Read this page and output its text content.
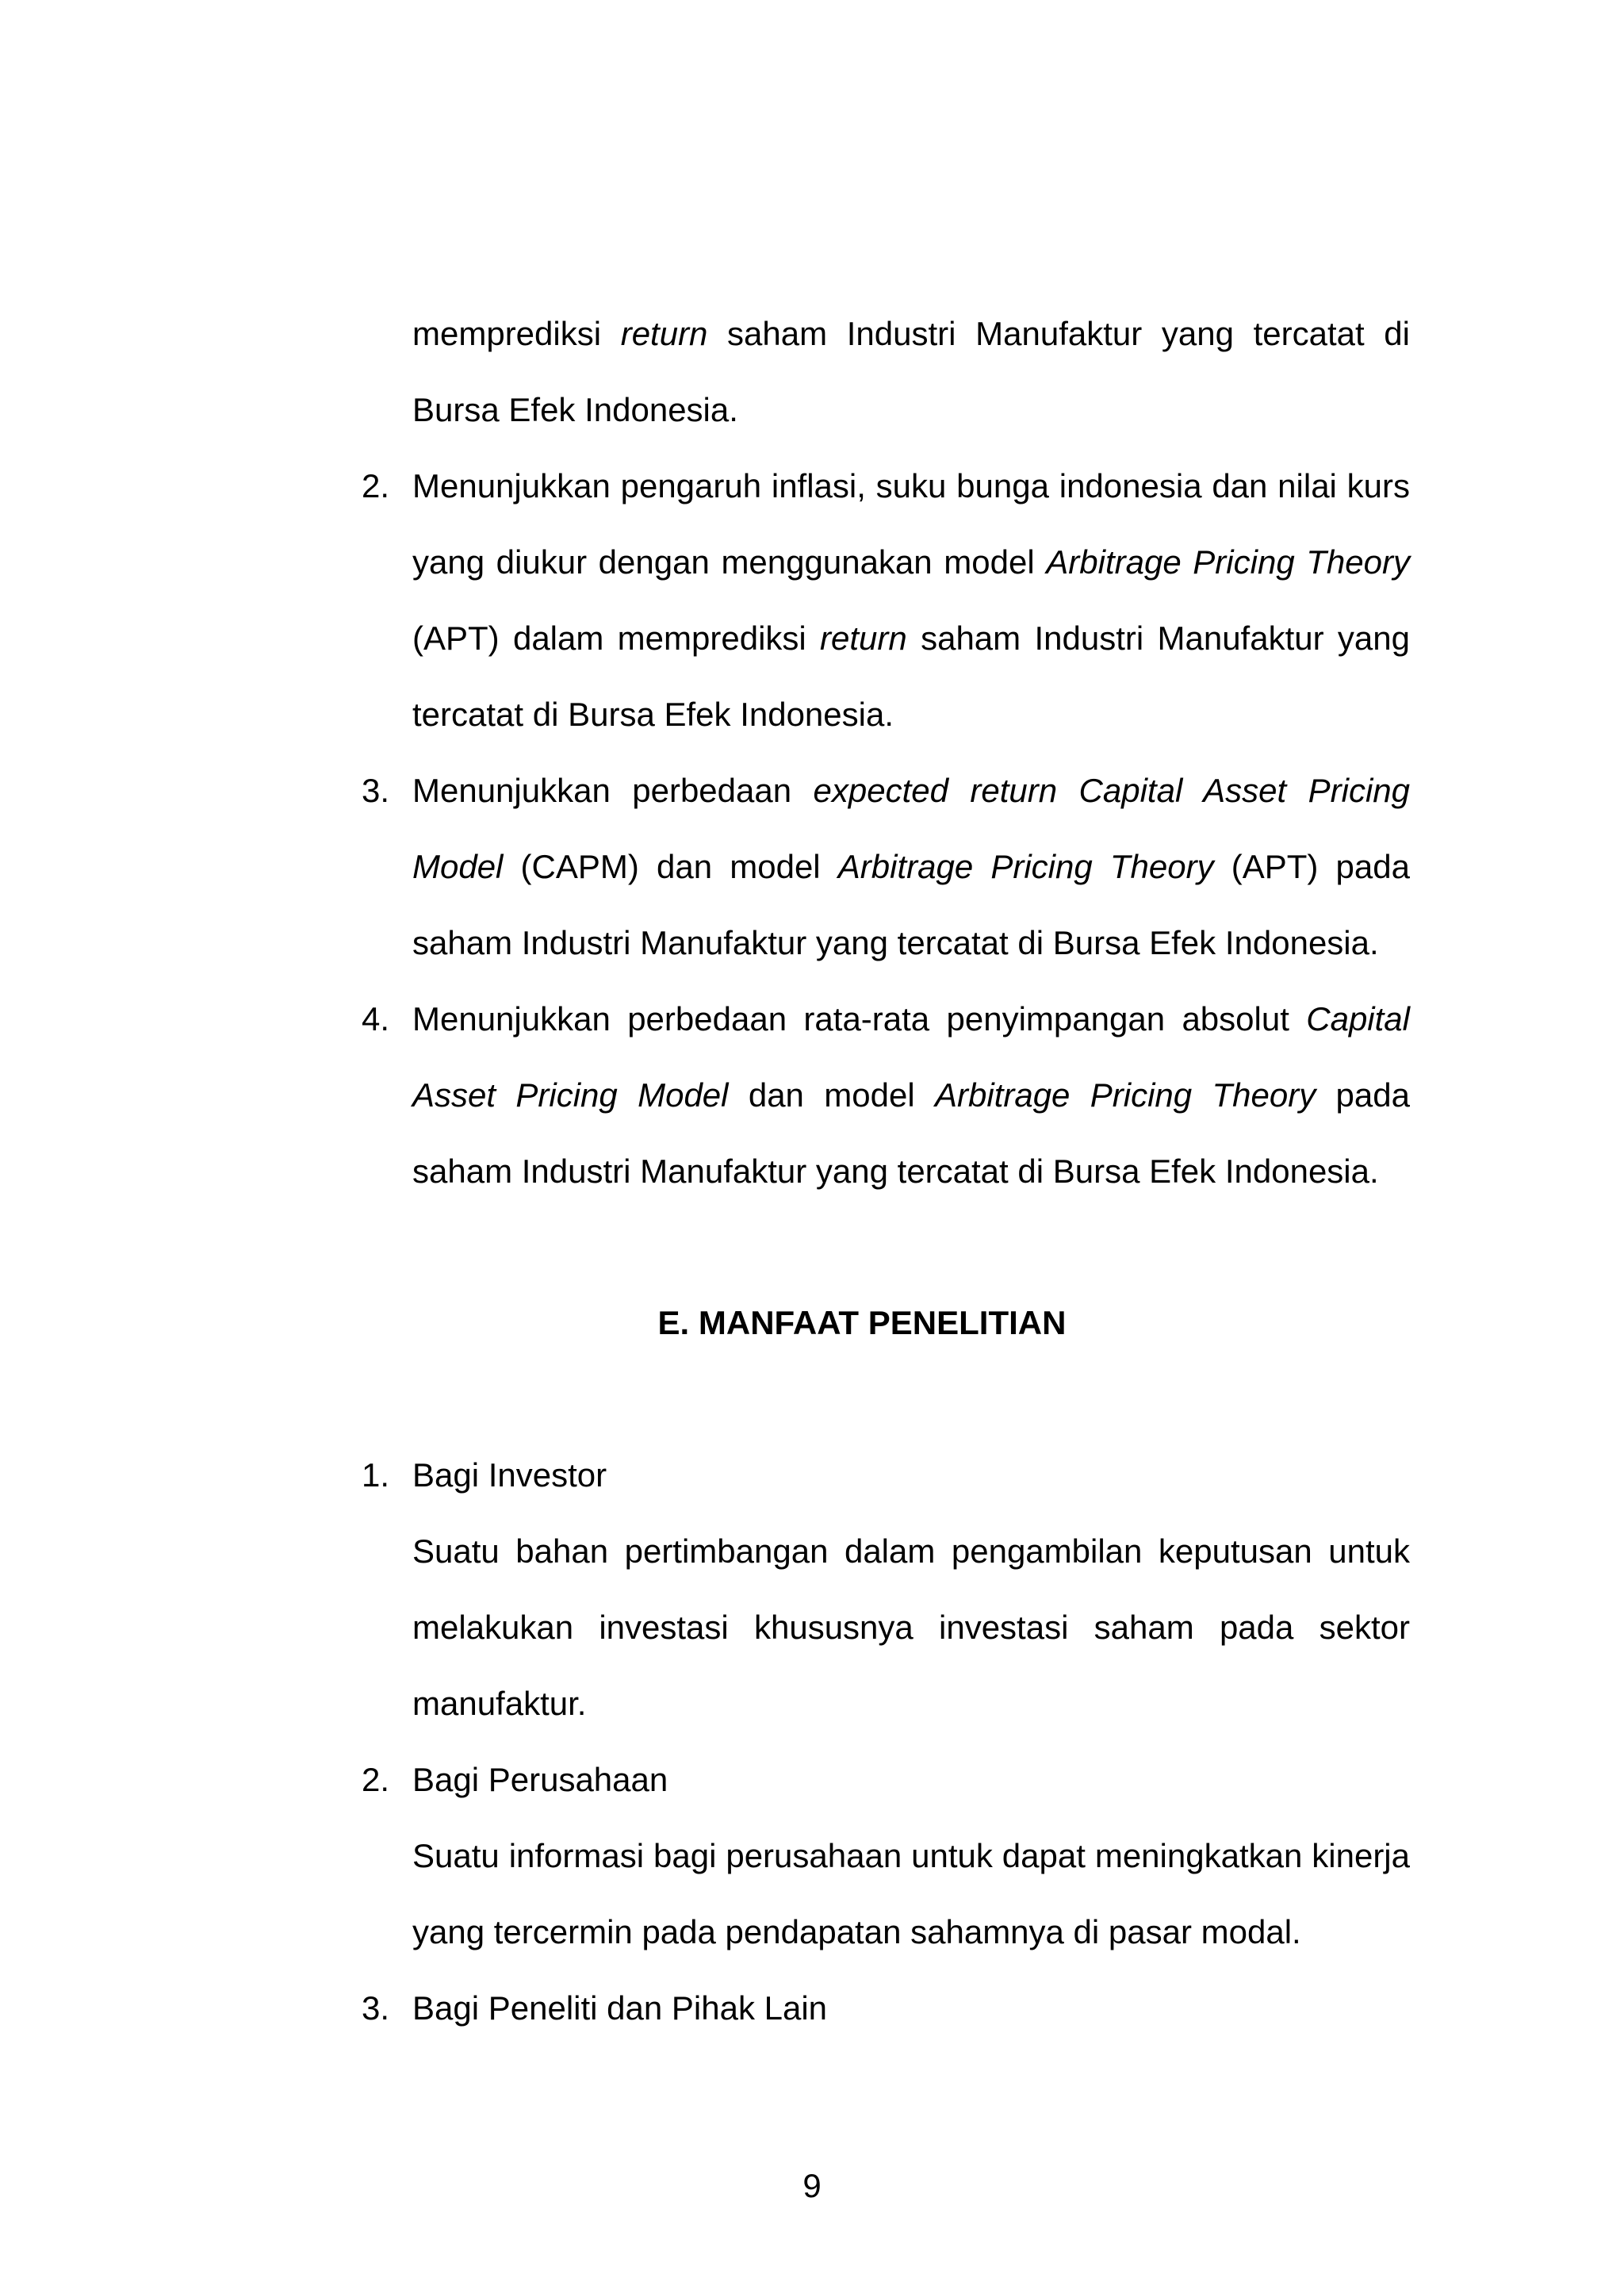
memprediksi return saham Industri Manufaktur yang tercatat di
Bursa Efek Indonesia.
2. Menunjukkan pengaruh inflasi, suku bunga indonesia dan nilai kurs
yang diukur dengan menggunakan model Arbitrage Pricing Theory
(APT) dalam memprediksi return saham Industri Manufaktur yang
tercatat di Bursa Efek Indonesia.
3. Menunjukkan perbedaan expected return Capital Asset Pricing
Model (CAPM) dan model Arbitrage Pricing Theory (APT) pada
saham Industri Manufaktur yang tercatat di Bursa Efek Indonesia.
4. Menunjukkan perbedaan rata-rata penyimpangan absolut Capital
Asset Pricing Model dan model Arbitrage Pricing Theory pada
saham Industri Manufaktur yang tercatat di Bursa Efek Indonesia.
E. MANFAAT PENELITIAN
1. Bagi Investor
Suatu bahan pertimbangan dalam pengambilan keputusan untuk
melakukan investasi khususnya investasi saham pada sektor
manufaktur.
2. Bagi Perusahaan
Suatu informasi bagi perusahaan untuk dapat meningkatkan kinerja
yang tercermin pada pendapatan sahamnya di pasar modal.
3. Bagi Peneliti dan Pihak Lain
9
